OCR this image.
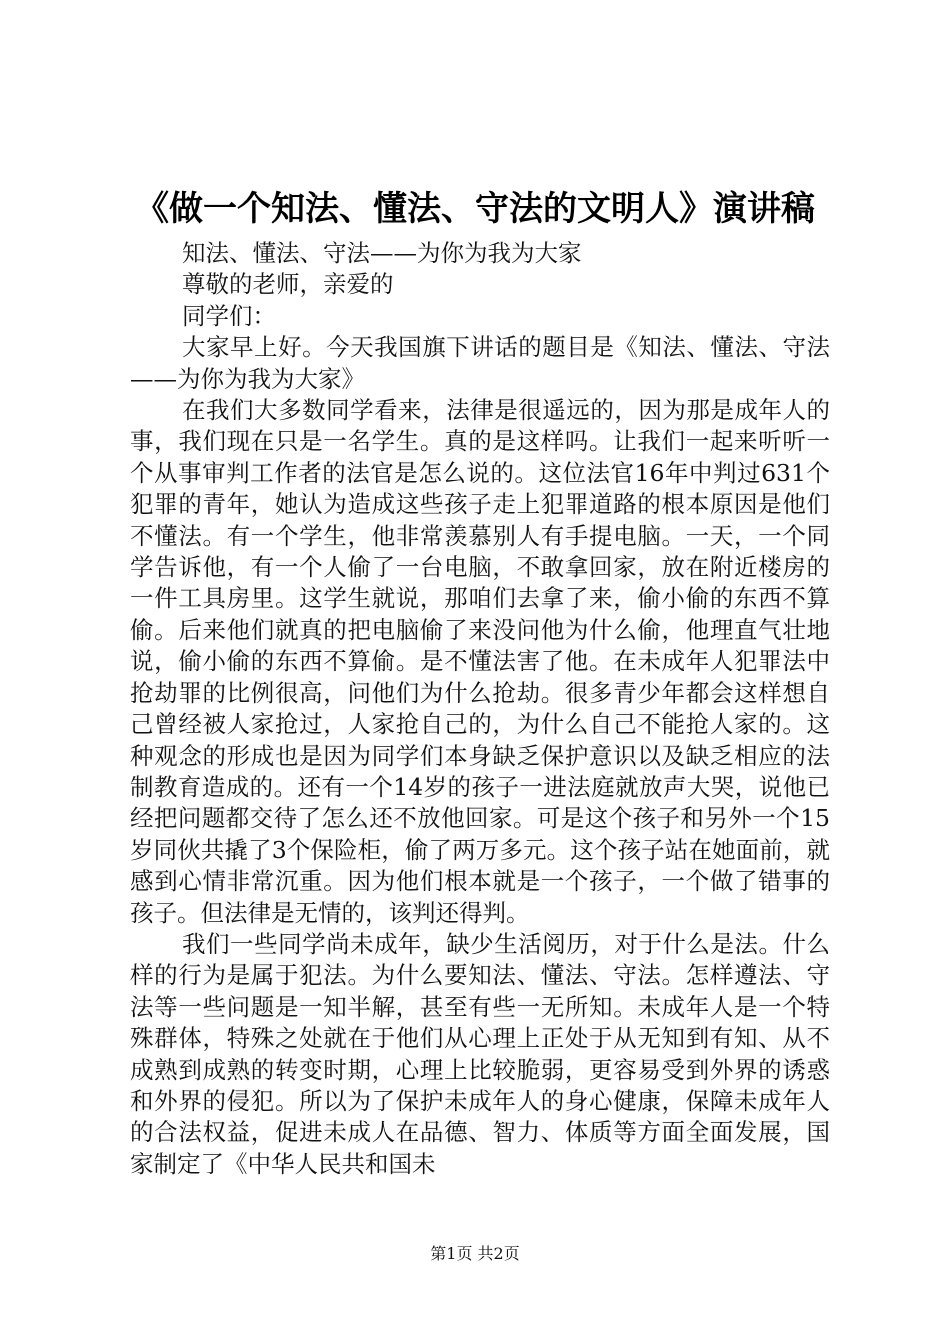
《做一个知法、懂法、守法的文明人》演讲稿

知法、懂法、守法——为你为我为大家

尊敬的老师，亲爱的

同学们：

大家早上好。今天我国旗下讲话的题目是《知法、懂法、守法——为你为我为大家》

在我们大多数同学看来，法律是很遥远的，因为那是成年人的事，我们现在只是一名学生。真的是这样吗。让我们一起来听听一个从事审判工作者的法官是怎么说的。这位法官16年中判过631个犯罪的青年，她认为造成这些孩子走上犯罪道路的根本原因是他们不懂法。有一个学生，他非常羡慕别人有手提电脑。一天，一个同学告诉他，有一个人偷了一台电脑，不敢拿回家，放在附近楼房的一件工具房里。这学生就说，那咱们去拿了来，偷小偷的东西不算偷。后来他们就真的把电脑偷了来没问他为什么偷，他理直气壮地说，偷小偷的东西不算偷。是不懂法害了他。在未成年人犯罪法中抢劫罪的比例很高，问他们为什么抢劫。很多青少年都会这样想自己曾经被人家抢过，人家抢自己的，为什么自己不能抢人家的。这种观念的形成也是因为同学们本身缺乏保护意识以及缺乏相应的法制教育造成的。还有一个14岁的孩子一进法庭就放声大哭，说他已经把问题都交待了怎么还不放他回家。可是这个孩子和另外一个15岁同伙共撬了3个保险柜，偷了两万多元。这个孩子站在她面前，就感到心情非常沉重。因为他们根本就是一个孩子，一个做了错事的孩子。但法律是无情的，该判还得判。

我们一些同学尚未成年，缺少生活阅历，对于什么是法。什么样的行为是属于犯法。为什么要知法、懂法、守法。怎样遵法、守法等一些问题是一知半解，甚至有些一无所知。未成年人是一个特殊群体，特殊之处就在于他们从心理上正处于从无知到有知、从不成熟到成熟的转变时期，心理上比较脆弱，更容易受到外界的诱惑和外界的侵犯。所以为了保护未成年人的身心健康，保障未成年人的合法权益，促进未成人在品德、智力、体质等方面全面发展，国家制定了《中华人民共和国未

第1页 共2页
